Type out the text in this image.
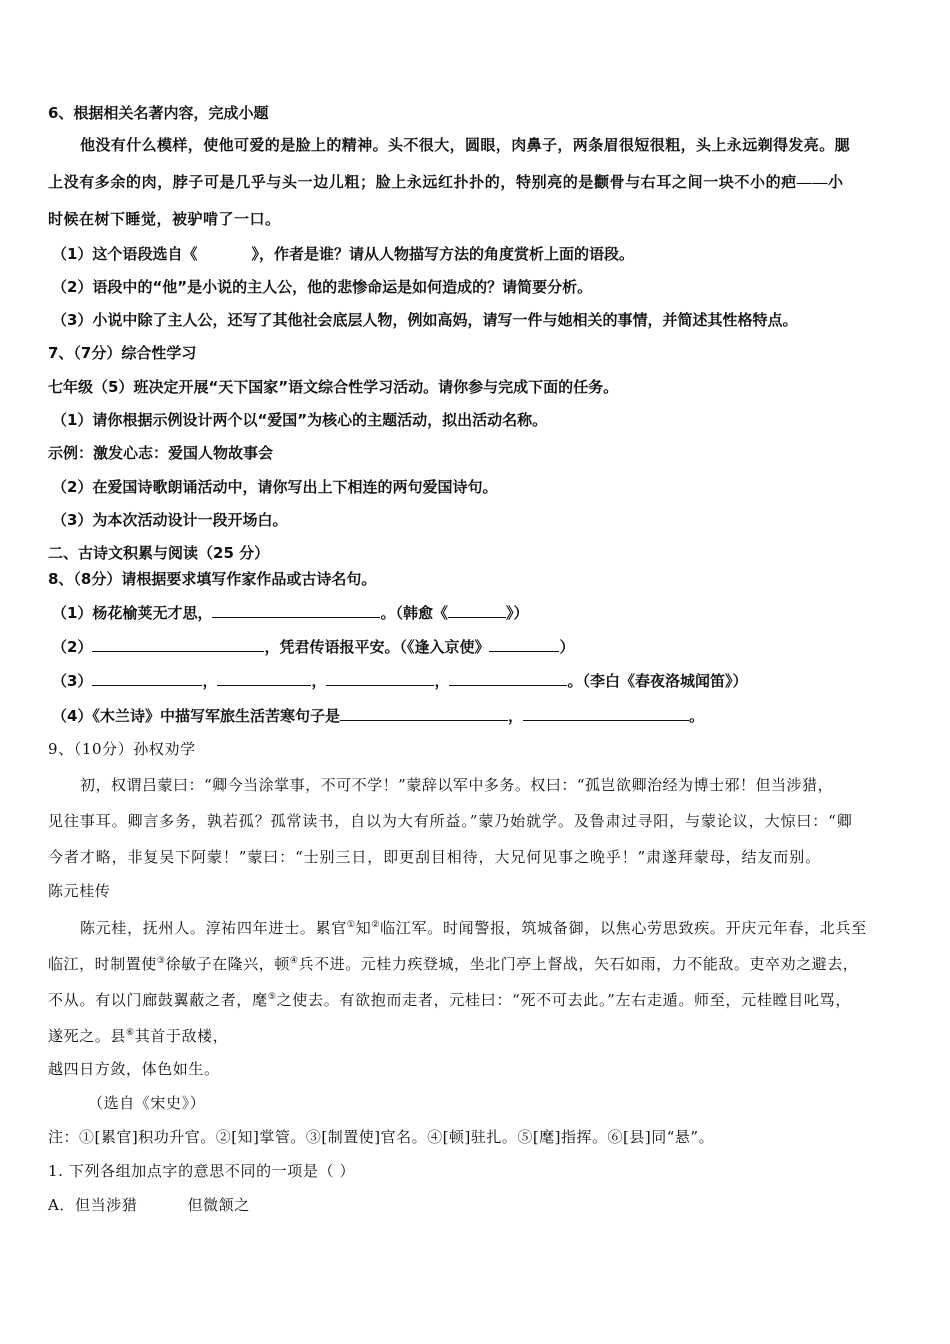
6、根据相关名著内容，完成小题
他没有什么模样，使他可爱的是脸上的精神。头不很大，圆眼，肉鼻子，两条眉很短很粗，头上永远剃得发亮。腮
上没有多余的肉，脖子可是几乎与头一边儿粗；脸上永远红扑扑的，特别亮的是颧骨与右耳之间一块不小的疤——小
时候在树下睡觉，被驴啃了一口。
（1）这个语段选自《	》，作者是谁？请从人物描写方法的角度赏析上面的语段。
（2）语段中的“他”是小说的主人公，他的悲惨命运是如何造成的？请简要分析。
（3）小说中除了主人公，还写了其他社会底层人物，例如高妈，请写一件与她相关的事情，并简述其性格特点。
7、（7分）综合性学习
七年级（5）班决定开展“天下国家”语文综合性学习活动。请你参与完成下面的任务。
（1）请你根据示例设计两个以“爱国”为核心的主题活动，拟出活动名称。
示例：激发心志：爱国人物故事会
（2）在爱国诗歌朗诵活动中，请你写出上下相连的两句爱国诗句。
（3）为本次活动设计一段开场白。
二、古诗文积累与阅读（25 分）
8、（8分）请根据要求填写作家作品或古诗名句。
（1）杨花榆荚无才思，	。（韩愈《	》）
（2）	，凭君传语报平安。（《逢入京使》	）
（3）	，	，	，	。（李白《春夜洛城闻笛》）
（4）《木兰诗》中描写军旅生活苦寒句子是	，	。
9、（10分）孙权劝学
初，权谓吕蒙曰：“卿今当涂掌事，不可不学！”蒙辞以军中多务。权曰：“孤岂欲卿治经为博士邪！但当涉猎，
见往事耳。卿言多务，孰若孤？孤常读书，自以为大有所益。”蒙乃始就学。及鲁肃过寻阳，与蒙论议，大惊曰：“卿
今者才略，非复吴下阿蒙！”蒙曰：“士别三日，即更刮目相待，大兄何见事之晚乎！”肃遂拜蒙母，结友而别。
陈元桂传
陈元桂，抚州人。淳祐四年进士。累官①知②临江军。时闻警报，筑城备御，以焦心劳思致疾。开庆元年春，北兵至
临江，时制置使③徐敏子在隆兴，顿④兵不进。元桂力疾登城，坐北门亭上督战，矢石如雨，力不能敌。吏卒劝之避去，
不从。有以门廊鼓翼蔽之者，麾⑤之使去。有欲抱而走者，元桂曰：“死不可去此。”左右走遁。师至，元桂瞠目叱骂，
遂死之。县⑥其首于敌楼，
越四日方敛，体色如生。
（选自《宋史》）
注：①[累官]积功升官。②[知]掌管。③[制置使]官名。④[顿]驻扎。⑤[麾]指挥。⑥[县]同“悬”。
1. 下列各组加点字的意思不同的一项是（ ）
A．但当涉猎	但微颔之
